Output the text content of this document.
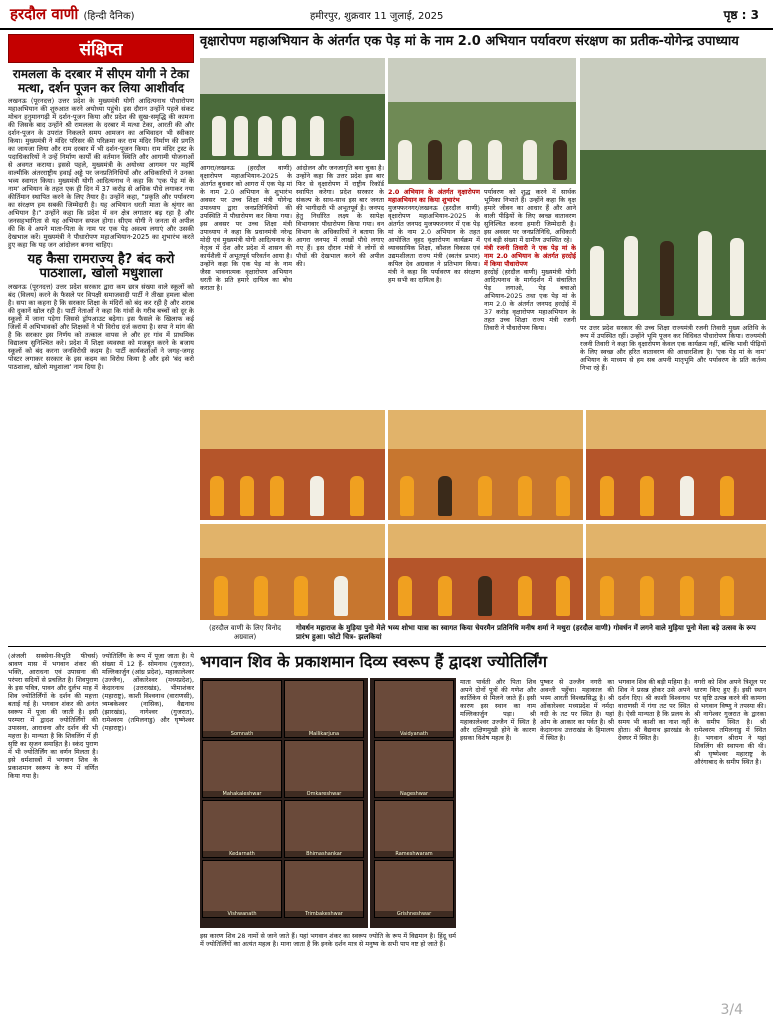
हरदौल वाणी (हिन्दी दैनिक)	हमीरपुर, शुक्रवार 11 जुलाई, 2025	पृष्ठ : 3
संक्षिप्त
रामलला के दरबार में सीएम योगी ने टेका मत्था, दर्शन पूजन कर लिया आशीर्वाद

लखनऊ (पूरनदत्त) उत्तर प्रदेश के मुख्यमंत्री योगी आदित्यनाथ पौधारोपण महाअभियान की शुरुआत करने अयोध्या पहुंचे। इस दौरान उन्होंने पहले संकट मोचन हनुमानगढ़ी में दर्शन-पूजन किया और प्रदेश की सुख-समृद्धि की कामना की जिसके बाद उन्होंने श्री रामलला के दरबार में मत्था टेका, आरती की और दर्शन-पूजन के उपरांत निकलते समय आमजन का अभिवादन भी स्वीकार किया। मुख्यमंत्री ने मंदिर परिसर की परिक्रमा कर राम मंदिर निर्माण की प्रगति का जायजा लिया और राम दरबार में भी दर्शन-पूजन किया। राम मंदिर ट्रस्ट के पदाधिकारियों ने उन्हें निर्माण कार्यों की वर्तमान स्थिति और आगामी योजनाओं से अवगत कराया। इससे पहले, मुख्यमंत्री के अयोध्या आगमन पर महर्षि वाल्मीकि अंतरराष्ट्रीय हवाई अड्डे पर जनप्रतिनिधियों और अधिकारियों ने उनका भव्य स्वागत किया। मुख्यमंत्री योगी आदित्यनाथ ने कहा कि 'एक पेड़ मां के नाम' अभियान के तहत एक ही दिन में 37 करोड़ से अधिक पौधे लगाकर नया कीर्तिमान स्थापित करने के लिए तैयार है। उन्होंने कहा, "प्रकृति और पर्यावरण का संरक्षण हम सबकी जिम्मेदारी है। यह अभियान धरती माता के श्रृंगार का अभियान है।" उन्होंने कहा कि प्रदेश में वन क्षेत्र लगातार बढ़ रहा है और जनसहभागिता से यह अभियान सफल होगा। सीएम योगी ने जनता से अपील की कि वे अपने माता-पिता के नाम पर एक पेड़ अवश्य लगाएं और उसकी देखभाल करें। मुख्यमंत्री ने पौधारोपण महाअभियान-2025 का शुभारंभ करते हुए कहा कि यह जन आंदोलन बनना चाहिए।

यह कैसा रामराज्य है? बंद करो पाठशाला, खोलो मधुशाला

लखनऊ (पूरनदत्त) उत्तर प्रदेश सरकार द्वारा कम छात्र संख्या वाले स्कूलों को बंद (विलय) करने के फैसले पर विपक्षी समाजवादी पार्टी ने तीखा हमला बोला है। सपा का कहना है कि सरकार शिक्षा के मंदिरों को बंद कर रही है और शराब की दुकानें खोल रही है। पार्टी नेताओं ने कहा कि गांवों के गरीब बच्चों को दूर के स्कूलों में जाना पड़ेगा जिससे ड्रॉपआउट बढ़ेगा। इस फैसले के खिलाफ कई जिलों में अभिभावकों और शिक्षकों ने भी विरोध दर्ज कराया है। सपा ने मांग की है कि सरकार इस निर्णय को तत्काल वापस ले और हर गांव में प्राथमिक विद्यालय सुनिश्चित करे। प्रदेश में शिक्षा व्यवस्था को मजबूत करने के बजाय स्कूलों को बंद करना जनविरोधी कदम है। पार्टी कार्यकर्ताओं ने जगह-जगह पोस्टर लगाकर सरकार के इस कदम का विरोध किया है और इसे 'बंद करो पाठशाला, खोलो मधुशाला' नाम दिया है।

वृक्षारोपण महाअभियान के अंतर्गत एक पेड़ मां के नाम 2.0 अभियान पर्यावरण संरक्षण का प्रतीक-योगेन्द्र उपाध्याय
आगरा/लखनऊ (हरदौल वाणी) वृक्षारोपण महाअभियान-2025 के अंतर्गत बुधवार को आगरा में एक पेड़ मां के नाम 2.0 अभियान के शुभारंभ अवसर पर उच्च शिक्षा मंत्री योगेन्द्र उपाध्याय द्वारा जनप्रतिनिधियों की उपस्थिति में पौधारोपण कर किया गया। इस अवसर पर उच्च शिक्षा मंत्री उपाध्याय ने कहा कि प्रधानमंत्री नरेन्द्र मोदी एवं मुख्यमंत्री योगी आदित्यनाथ के नेतृत्व में देश और प्रदेश में शासन की कार्यशैली में अभूतपूर्व परिवर्तन आया है। उन्होंने कहा कि एक पेड़ मां के नाम जैसा भावनात्मक वृक्षारोपण अभियान धरती के प्रति हमारे दायित्व का बोध कराता है।
आंदोलन और जनजागृति बना चुका है। उन्होंने कहा कि उत्तर प्रदेश इस बार फिर से वृक्षारोपण में राष्ट्रीय रिकॉर्ड स्थापित करेगा। प्रदेश सरकार के संकल्प के साथ-साथ इस बार जनता की भागीदारी भी अभूतपूर्व है। जनपद हेतु निर्धारित लक्ष्य के सापेक्ष विभागवार पौधारोपण किया गया। वन विभाग के अधिकारियों ने बताया कि आगरा जनपद में लाखों पौधे लगाए गए हैं। इस दौरान मंत्री ने लोगों से पौधों की देखभाल करने की अपील की।
2.0 अभियान के अंतर्गत वृक्षारोपण महाअभियान का किया शुभारंभ
मुजफ्फरनगर/लखनऊ (हरदौल वाणी) वृक्षारोपण महाअभियान-2025 के अंतर्गत जनपद मुजफ्फरनगर में एक पेड़ मां के नाम 2.0 अभियान के तहत आयोजित वृहद वृक्षारोपण कार्यक्रम में व्यावसायिक शिक्षा, कौशल विकास एवं उद्यमशीलता राज्य मंत्री (स्वतंत्र प्रभार) कपिल देव अग्रवाल ने प्रतिभाग किया। मंत्री ने कहा कि पर्यावरण का संरक्षण हम सभी का दायित्व है।
पर्यावरण को शुद्ध करने में सार्थक भूमिका निभाते हैं। उन्होंने कहा कि वृक्ष हमारे जीवन का आधार हैं और आने वाली पीढ़ियों के लिए स्वच्छ वातावरण सुनिश्चित करना हमारी जिम्मेदारी है। इस अवसर पर जनप्रतिनिधि, अधिकारी एवं बड़ी संख्या में ग्रामीण उपस्थित रहे।
मंत्री रजनी तिवारी ने एक पेड़ मां के नाम 2.0 अभियान के अंतर्गत हरदोई में किया पौधारोपण
हरदोई (हरदौल वाणी) मुख्यमंत्री योगी आदित्यनाथ के मार्गदर्शन में संचालित पेड़ लगाओ, पेड़ बचाओ अभियान-2025 तथा एक पेड़ मां के नाम 2.0 के अंतर्गत जनपद हरदोई में 37 करोड़ वृक्षारोपण महाअभियान के तहत उच्च शिक्षा राज्य मंत्री रजनी तिवारी ने पौधारोपण किया।	पर उत्तर प्रदेश सरकार की उच्च शिक्षा राज्यमंत्री रजनी तिवारी मुख्य अतिथि के रूप में उपस्थित रहीं। उन्होंने भूमि पूजन कर विधिवत पौधारोपण किया। राज्यमंत्री रजनी तिवारी ने कहा कि वृक्षारोपण केवल एक कार्यक्रम नहीं, बल्कि भावी पीढ़ियों के लिए स्वच्छ और हरित वातावरण की आधारशिला है। 'एक पेड़ मां के नाम' अभियान के माध्यम से हम सब अपनी मातृभूमि और पर्यावरण के प्रति कर्तव्य निभा रहे हैं।
(हरदौल वाणी के लिए विनोद अग्रवाल)
गोवर्धन महाराज के मुड़िया पुनो मेले भव्य शोभा यात्रा का स्वागत किया चेयरमैन प्रतिनिधि मनीष शर्मा ने मथुरा (हरदौल वाणी) गोवर्धन में लगने वाले मुड़िया पूनो मेला बड़े उत्सव के रूप प्रारंभ हुआ। फोटो चित्र- झलकियां
भगवान शिव के प्रकाशमान दिव्य स्वरूप हैं द्वादश ज्योतिर्लिंग
(अंजली सक्सेना-विभूति फीचर्स) श्रावण मास में भगवान शंकर की भक्ति, आराधना एवं उपासना की परंपरा सदियों से प्रचलित है। शिवपुराण के इस पवित्र, पावन और दुर्लभ माह में शिव ज्योतिर्लिंगों के दर्शन की महत्ता बताई गई है। भगवान शंकर की अनंत स्वरूप में पूजा की जाती है। इसी परम्परा में द्वादश ज्योतिर्लिंगों की उपासना, आराधना और दर्शन की भी महत्ता है। मान्यता है कि शिवलिंग में ही सृष्टि का सृजन समाहित है। स्कंद पुराण में भी ज्योतिर्लिंग का वर्णन मिलता है। इसे धर्मशास्त्रों में भगवान शिव के प्रकाशमान स्वरूप के रूप में वर्णित किया गया है।
ज्योतिर्लिंग के रूप में पूजा जाता है। ये संख्या में 12 हैं- सोमनाथ (गुजरात), मल्लिकार्जुन (आंध्र प्रदेश), महाकालेश्वर (उज्जैन), ओंकारेश्वर (मध्यप्रदेश), केदारनाथ (उत्तराखंड), भीमाशंकर (महाराष्ट्र), काशी विश्वनाथ (वाराणसी), त्र्यम्बकेश्वर (नासिक), वैद्यनाथ (झारखंड), नागेश्वर (गुजरात), रामेश्वरम (तमिलनाडु) और घृष्णेश्वर (महाराष्ट्र)।
Somnath	Mallikarjuna
Mahakaleshwar	Omkareshwar
Kedarnath	Bhimashankar
Vishwanath	Trimbakeshwar
Vaidyanath
Nageshwar
Rameshwaram
Grishneshwar
इस कारण शिव 28 नामों से जाने जाते हैं। यहां भगवान शंकर का स्वरूप ज्योति के रूप में विद्यमान है। हिंदू धर्म में ज्योतिर्लिंगों का अत्यंत महत्व है। माना जाता है कि इनके दर्शन मात्र से मनुष्य के सभी पाप नष्ट हो जाते हैं।
माता पार्वती और पिता शिव अपने दोनों पुत्रों की गणेश और कार्तिकेय से मिलने जाते हैं। इसी कारण इस स्थान का नाम मल्लिकार्जुन पड़ा। श्री महाकालेश्वर उज्जैन में स्थित है और दक्षिणमुखी होने के कारण इसका विशेष महत्व है।
पुष्कर से उज्जैन नगरी का अवन्ती पहुँचा। महाकाल की भस्म आरती विश्वप्रसिद्ध है। श्री ओंकारेश्वर मध्यप्रदेश में नर्मदा नदी के तट पर स्थित है। यहां ओम के आकार का पर्वत है। श्री केदारनाथ उत्तराखंड के हिमालय में स्थित है।
भगवान शिव की बड़ी महिमा है। शिव ने प्रसन्न होकर उसे अपने दर्शन दिए। श्री काशी विश्वनाथ वाराणसी में गंगा तट पर स्थित है। ऐसी मान्यता है कि प्रलय के समय भी काशी का नाश नहीं होता। श्री वैद्यनाथ झारखंड के देवघर में स्थित है।
नगरी को शिव अपने त्रिशूल पर धारण किए हुए हैं। इसी स्थान पर सृष्टि उत्पन्न करने की कामना से भगवान विष्णु ने तपस्या की। श्री नागेश्वर गुजरात के द्वारका के समीप स्थित है। श्री रामेश्वरम तमिलनाडु में स्थित है। भगवान श्रीराम ने यहां शिवलिंग की स्थापना की थी। श्री घृष्णेश्वर महाराष्ट्र के औरंगाबाद के समीप स्थित है।
3/4
